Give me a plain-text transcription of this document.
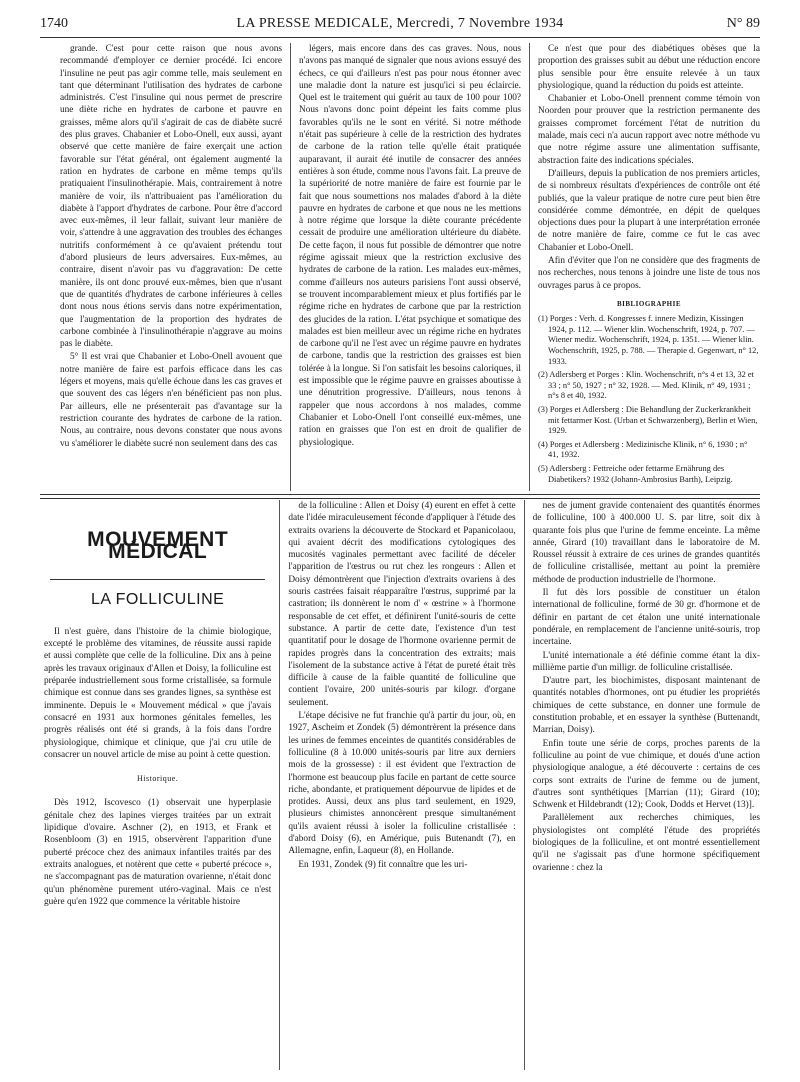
1740	LA PRESSE MEDICALE, Mercredi, 7 Novembre 1934	N° 89

grande. C'est pour cette raison que nous avons recommandé d'employer ce dernier procédé. Ici encore l'insuline ne peut pas agir comme telle, mais seulement en tant que déterminant l'utilisation des hydrates de carbone administrés. C'est l'insuline qui nous permet de prescrire une diète riche en hydrates de carbone et pauvre en graisses, même alors qu'il s'agirait de cas de diabète sucré des plus graves. Chabanier et Lobo-Onell, eux aussi, ayant observé que cette manière de faire exerçait une action favorable sur l'état général, ont également augmenté la ration en hydrates de carbone en même temps qu'ils pratiquaient l'insulinothérapie. Mais, contrairement à notre manière de voir, ils n'attribuaient pas l'amélioration du diabète à l'apport d'hydrates de carbone. Pour être d'accord avec eux-mêmes, il leur fallait, suivant leur manière de voir, s'attendre à une aggravation des troubles des échanges nutritifs conformément à ce qu'avaient prétendu tout d'abord plusieurs de leurs adversaires. Eux-mêmes, au contraire, disent n'avoir pas vu d'aggravation: De cette manière, ils ont donc prouvé eux-mêmes, bien que n'usant que de quantités d'hydrates de carbone inférieures à celles dont nous nous étions servis dans notre expérimentation, que l'augmentation de la proportion des hydrates de carbone combinée à l'insulinothérapie n'aggrave au moins pas le diabète.

5° Il est vrai que Chabanier et Lobo-Onell avouent que notre manière de faire est parfois efficace dans les cas légers et moyens, mais qu'elle échoue dans les cas graves et que souvent des cas légers n'en bénéficient pas non plus. Par ailleurs, elle ne présenterait pas d'avantage sur la restriction courante des hydrates de carbone de la ration. Nous, au contraire, nous devons constater que nous avons vu s'améliorer le diabète sucré non seulement dans des cas

légers, mais encore dans des cas graves. Nous, nous n'avons pas manqué de signaler que nous avions essuyé des échecs, ce qui d'ailleurs n'est pas pour nous étonner avec une maladie dont la nature est jusqu'ici si peu éclaircie. Quel est le traitement qui guérit au taux de 100 pour 100? Nous n'avons donc point dépeint les faits comme plus favorables qu'ils ne le sont en vérité. Si notre méthode n'était pas supérieure à celle de la restriction des hydrates de carbone de la ration telle qu'elle était pratiquée auparavant, il aurait été inutile de consacrer des années entières à son étude, comme nous l'avons fait. La preuve de la supériorité de notre manière de faire est fournie par le fait que nous soumettions nos malades d'abord à la diète pauvre en hydrates de carbone et que nous ne les mettions à notre régime que lorsque la diète courante précédente cessait de produire une amélioration ultérieure du diabète. De cette façon, il nous fut possible de démontrer que notre régime agissait mieux que la restriction exclusive des hydrates de carbone de la ration. Les malades eux-mêmes, comme d'ailleurs nos auteurs parisiens l'ont aussi observé, se trouvent incomparablement mieux et plus fortifiés par le régime riche en hydrates de carbone que par la restriction des glucides de la ration. L'état psychique et somatique des malades est bien meilleur avec un régime riche en hydrates de carbone qu'il ne l'est avec un régime pauvre en hydrates de carbone, tandis que la restriction des graisses est bien tolérée à la longue. Si l'on satisfait les besoins caloriques, il est impossible que le régime pauvre en graisses aboutisse à une dénutrition progressive. D'ailleurs, nous tenons à rappeler que nous accordons à nos malades, comme Chabanier et Lobo-Onell l'ont conseillé eux-mêmes, une ration en graisses que l'on est en droit de qualifier de physiologique.

Ce n'est que pour des diabétiques obèses que la proportion des graisses subit au début une réduction encore plus sensible pour être ensuite relevée à un taux physiologique, quand la réduction du poids est atteinte.

Chabanier et Lobo-Onell prennent comme témoin von Noorden pour prouver que la restriction permanente des graisses compromet forcément l'état de nutrition du malade, mais ceci n'a aucun rapport avec notre méthode vu que notre régime assure une alimentation suffisante, abstraction faite des indications spéciales.

D'ailleurs, depuis la publication de nos premiers articles, de si nombreux résultats d'expériences de contrôle ont été publiés, que la valeur pratique de notre cure peut bien être considérée comme démontrée, en dépit de quelques objections dues pour la plupart à une interprétation erronée de notre manière de faire, comme ce fut le cas avec Chabanier et Lobo-Onell.

Afin d'éviter que l'on ne considère que des fragments de nos recherches, nous tenons à joindre une liste de tous nos ouvrages parus à ce propos.

BIBLIOGRAPHIE
(1) Porges : Verh. d. Kongresses f. innere Medizin, Kissingen 1924, p. 112. — Wiener klin. Wochenschrift, 1924, p. 707. — Wiener mediz. Wochenschrift, 1924, p. 1351. — Wiener klin. Wochenschrift, 1925, p. 788. — Therapie d. Gegenwart, n° 12, 1933.
(2) Adlersberg et Porges : Klin. Wochenschrift, n°s 4 et 13, 32 et 33 ; n° 50, 1927 ; n° 32, 1928. — Med. Klinik, n° 49, 1931 ; n°s 8 et 40, 1932.
(3) Porges et Adlersberg : Die Behandlung der Zuckerkrankheit mit fettarmer Kost. (Urban et Schwarzenberg), Berlin et Wien, 1929.
(4) Porges et Adlersberg : Medizinische Klinik, n° 6, 1930 ; n° 41, 1932.
(5) Adlersberg : Fettreiche oder fettarme Ernährung des Diabetikers? 1932 (Johann-Ambrosius Barth), Leipzig.
MOUVEMENT MÉDICAL
LA FOLLICULINE

Il n'est guère, dans l'histoire de la chimie biologique, excepté le problème des vitamines, de réussite aussi rapide et aussi complète que celle de la folliculine. Dix ans à peine après les travaux originaux d'Allen et Doisy, la folliculine est préparée industriellement sous forme cristallisée, sa formule chimique est connue dans ses grandes lignes, sa synthèse est imminente. Depuis le « Mouvement médical » que j'avais consacré en 1931 aux hormones génitales femelles, les progrès réalisés ont été si grands, à la fois dans l'ordre physiologique, chimique et clinique, que j'ai cru utile de consacrer un nouvel article de mise au point à cette question.

Historique.

Dès 1912, Iscovesco (1) observait une hyperplasie génitale chez des lapines vierges traitées par un extrait lipidique d'ovaire. Aschner (2), en 1913, et Frank et Rosenbloom (3) en 1915, observèrent l'apparition d'une puberté précoce chez des animaux infantiles traités par des extraits analogues, et notèrent que cette « puberté précoce », ne s'accompagnant pas de maturation ovarienne, n'était donc qu'un phénomène purement utéro-vaginal. Mais ce n'est guère qu'en 1922 que commence la véritable histoire

de la folliculine : Allen et Doisy (4) eurent en effet à cette date l'idée miraculeusement féconde d'appliquer à l'étude des extraits ovariens la découverte de Stockard et Papanicolaou, qui avaient décrit des modifications cytologiques des mucosités vaginales permettant avec facilité de déceler l'apparition de l'œstrus ou rut chez les rongeurs : Allen et Doisy démontrèrent que l'injection d'extraits ovariens à des souris castrées faisait réapparaître l'œstrus, supprimé par la castration; ils donnèrent le nom d' « œstrine » à l'hormone responsable de cet effet, et définirent l'unité-souris de cette substance. A partir de cette date, l'existence d'un test quantitatif pour le dosage de l'hormone ovarienne permit de rapides progrès dans la concentration des extraits; mais l'isolement de la substance active à l'état de pureté était très difficile à cause de la faible quantité de folliculine que contient l'ovaire, 200 unités-souris par kilogr. d'organe seulement.

L'étape décisive ne fut franchie qu'à partir du jour, où, en 1927, Ascheim et Zondek (5) démontrèrent la présence dans les urines de femmes enceintes de quantités considérables de folliculine (8 à 10.000 unités-souris par litre aux derniers mois de la grossesse) : il est évident que l'extraction de l'hormone est beaucoup plus facile en partant de cette source riche, abondante, et pratiquement dépourvue de lipides et de protides. Aussi, deux ans plus tard seulement, en 1929, plusieurs chimistes annoncèrent presque simultanément qu'ils avaient réussi à isoler la folliculine cristallisée : d'abord Doisy (6), en Amérique, puis Butenandt (7), en Allemagne, enfin, Laqueur (8), en Hollande.

En 1931, Zondek (9) fit connaître que les uri-

nes de jument gravide contenaient des quantités énormes de folliculine, 100 à 400.000 U. S. par litre, soit dix à quarante fois plus que l'urine de femme enceinte. La même année, Girard (10) travaillant dans le laboratoire de M. Roussel réussit à extraire de ces urines de grandes quantités de folliculine cristallisée, mettant au point la première méthode de production industrielle de l'hormone.

Il fut dès lors possible de constituer un étalon international de folliculine, formé de 30 gr. d'hormone et de définir en partant de cet étalon une unité internationale pondérale, en remplacement de l'ancienne unité-souris, trop incertaine.

L'unité internationale a été définie comme étant la dix-millième partie d'un milligr. de folliculine cristallisée.

D'autre part, les biochimistes, disposant maintenant de quantités notables d'hormones, ont pu étudier les propriétés chimiques de cette substance, en donner une formule de constitution probable, et en essayer la synthèse (Buttenandt, Marrian, Doisy).

Enfin toute une série de corps, proches parents de la folliculine au point de vue chimique, et doués d'une action physiologique analogue, a été découverte : certains de ces corps sont extraits de l'urine de femme ou de jument, d'autres sont synthétiques [Marrian (11); Girard (10); Schwenk et Hildebrandt (12); Cook, Dodds et Hervet (13)].

Parallèlement aux recherches chimiques, les physiologistes ont complété l'étude des propriétés biologiques de la folliculine, et ont montré essentiellement qu'il ne s'agissait pas d'une hormone spécifiquement ovarienne : chez la
